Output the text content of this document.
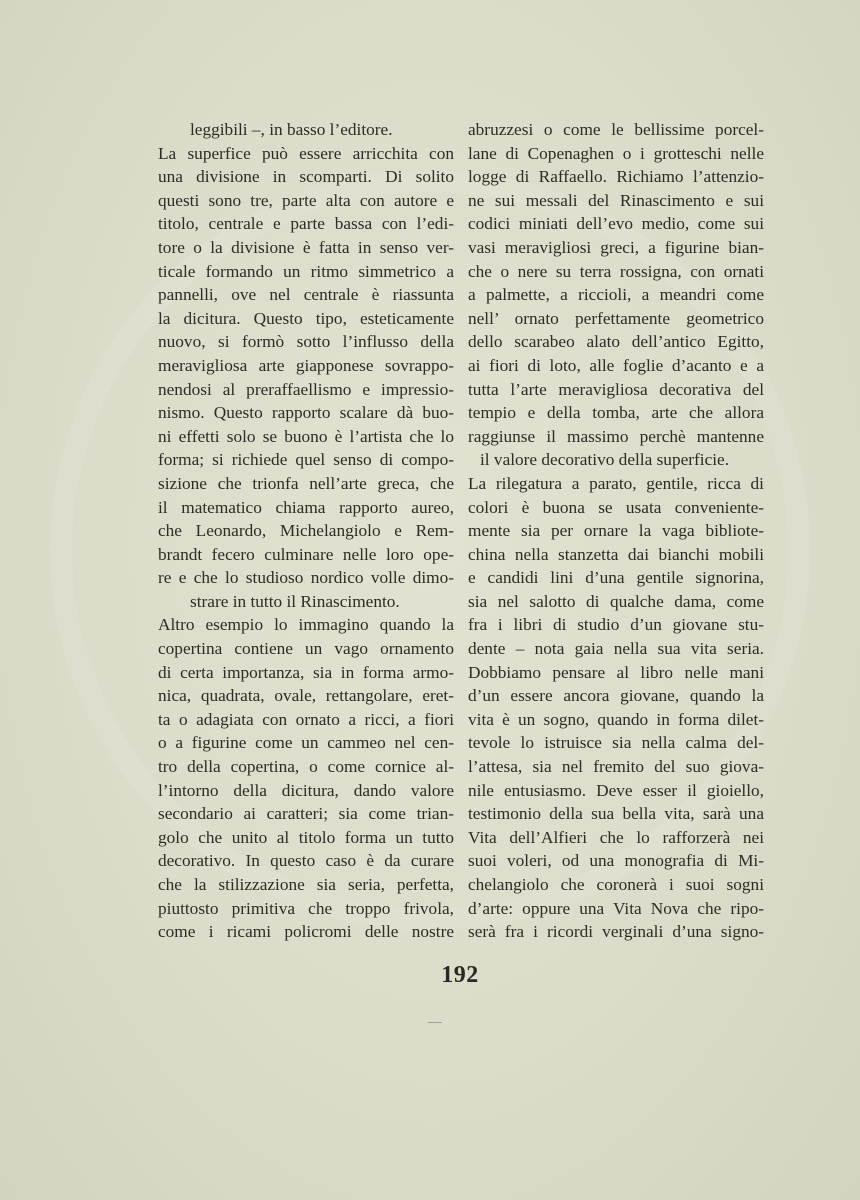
leggibili –, in basso l’editore.
La superfice può essere arricchita con
una divisione in scomparti. Di solito
questi sono tre, parte alta con autore e
titolo, centrale e parte bassa con l’edi-
tore o la divisione è fatta in senso ver-
ticale formando un ritmo simmetrico a
pannelli, ove nel centrale è riassunta
la dicitura. Questo tipo, esteticamente
nuovo, si formò sotto l’influsso della
meravigliosa arte giapponese sovrappo-
nendosi al preraffaellismo e impressio-
nismo. Questo rapporto scalare dà buo-
ni effetti solo se buono è l’artista che lo
forma; si richiede quel senso di compo-
sizione che trionfa nell’arte greca, che
il matematico chiama rapporto aureo,
che Leonardo, Michelangiolo e Rem-
brandt fecero culminare nelle loro ope-
re e che lo studioso nordico volle dimo-
strare in tutto il Rinascimento.
Altro esempio lo immagino quando la
copertina contiene un vago ornamento
di certa importanza, sia in forma armo-
nica, quadrata, ovale, rettangolare, eret-
ta o adagiata con ornato a ricci, a fiori
o a figurine come un cammeo nel cen-
tro della copertina, o come cornice al-
l’intorno della dicitura, dando valore
secondario ai caratteri; sia come trian-
golo che unito al titolo forma un tutto
decorativo. In questo caso è da curare
che la stilizzazione sia seria, perfetta,
piuttosto primitiva che troppo frivola,
come i ricami policromi delle nostre
abruzzesi o come le bellissime porcel-
lane di Copenaghen o i grotteschi nelle
logge di Raffaello. Richiamo l’attenzio-
ne sui messali del Rinascimento e sui
codici miniati dell’evo medio, come sui
vasi meravigliosi greci, a figurine bian-
che o nere su terra rossigna, con ornati
a palmette, a riccioli, a meandri come
nell’ ornato perfettamente geometrico
dello scarabeo alato dell’antico Egitto,
ai fiori di loto, alle foglie d’acanto e a
tutta l’arte meravigliosa decorativa del
tempio e della tomba, arte che allora
raggiunse il massimo perchè mantenne
il valore decorativo della superficie.
La rilegatura a parato, gentile, ricca di
colori è buona se usata conveniente-
mente sia per ornare la vaga bibliote-
china nella stanzetta dai bianchi mobili
e candidi lini d’una gentile signorina,
sia nel salotto di qualche dama, come
fra i libri di studio d’un giovane stu-
dente – nota gaia nella sua vita seria.
Dobbiamo pensare al libro nelle mani
d’un essere ancora giovane, quando la
vita è un sogno, quando in forma dilet-
tevole lo istruisce sia nella calma del-
l’attesa, sia nel fremito del suo giova-
nile entusiasmo. Deve esser il gioiello,
testimonio della sua bella vita, sarà una
Vita dell’Alfieri che lo rafforzerà nei
suoi voleri, od una monografia di Mi-
chelangiolo che coronerà i suoi sogni
d’arte: oppure una Vita Nova che ripo-
serà fra i ricordi verginali d’una signo-
192
